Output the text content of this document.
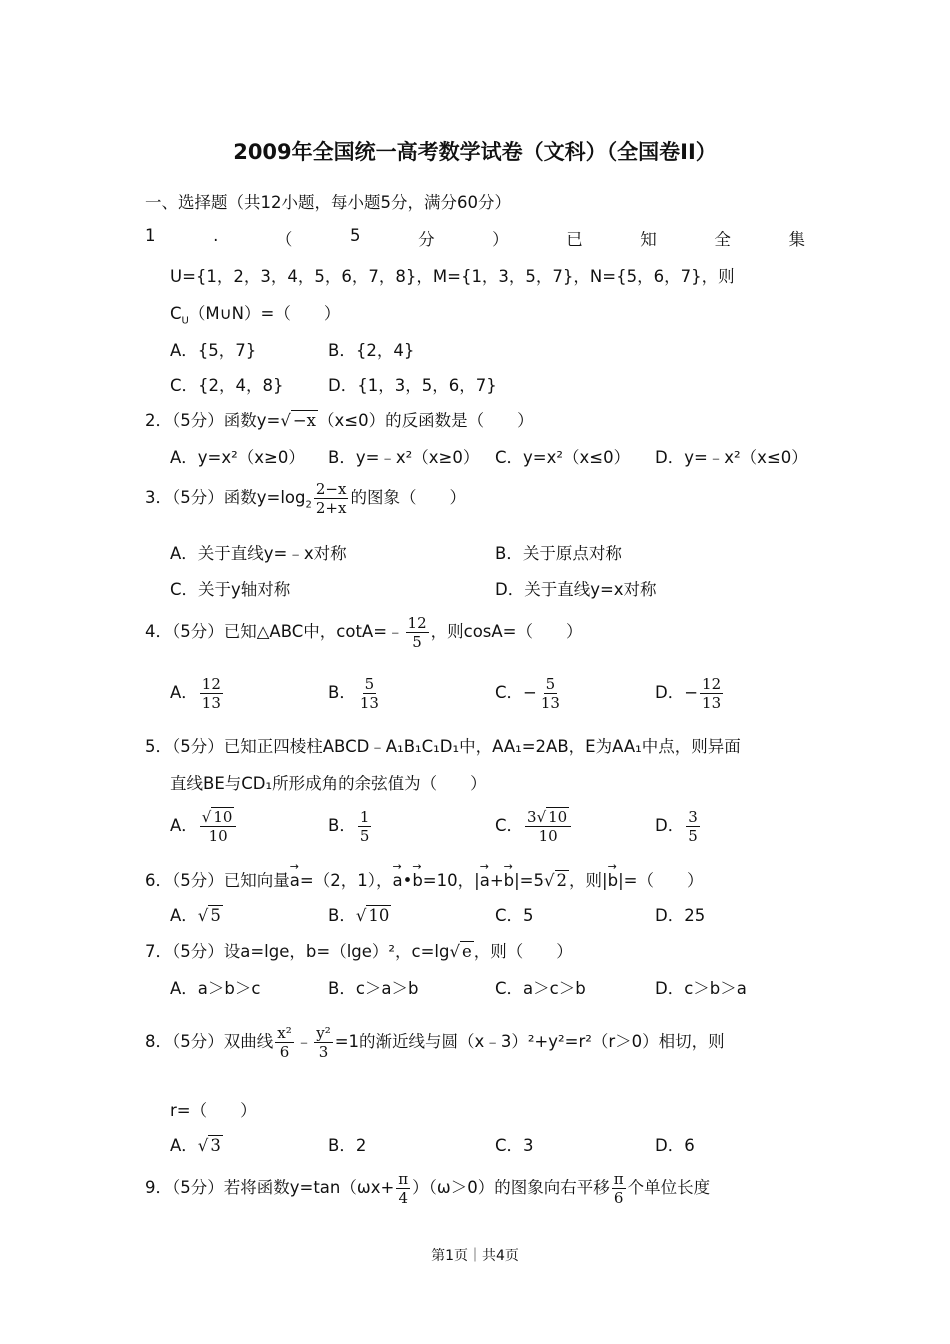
2009年全国统一高考数学试卷（文科）（全国卷II）
一、选择题（共12小题，每小题5分，满分60分）
1	.	（	5	分	）	已	知	全	集
U={1，2，3，4，5，6，7，8}，M={1，3，5，7}，N={5，6，7}，则
$C_U(M\cup N)=$（　　）
A．{5，7}	B．{2，4}
C．{2，4，8}	D．{1，3，5，6，7}
2．（5分）函数y=√ −x （x≤0）的反函数是（　　）
A．y=x²（x≥0） B．y=﹣x²（x≥0） C．y=x²（x≤0） D．y=﹣x²（x≤0）
3．（5分）函数$y=\log_2 \frac{2-x}{2+x}$ 的图象（　　）
A．关于直线y=﹣x对称	B．关于原点对称
C．关于y轴对称	D．关于直线y=x对称
4．（5分）已知△ABC中，cotA=﹣ $\frac{12}{5}$ ，则cosA=（　　）
A． $\frac{12}{13}$	B． $\frac{5}{13}$	C．− $\frac{5}{13}$	D．− $\frac{12}{13}$
5．（5分）已知正四棱柱ABCD﹣A₁B₁C₁D₁中，AA₁=2AB，E为AA₁中点，则异面
直线BE与CD₁所形成角的余弦值为（　　）
A． $\frac{√ 10}{10}$	B． $\frac{1}{5}$	C． $\frac{3√ 10}{10}$	D． $\frac{3}{5}$
6．（5分）已知向量→ a=（2，1），→ a•→ b=10，|→ a+→ b|=5√ 2 ，则|→ b|=（　　）
A．√ 5	B．√ 10	C．5	D．25
7．（5分）设a=lge，b=（lge）²，c=lg√ e ，则（　　）
A．a＞b＞c	B．c＞a＞b	C．a＞c＞b	D．c＞b＞a
8．（5分）双曲线 $\frac{\text{x²}}{6}$ ﹣ $\frac{\text{y²}}{3} =1$的渐近线与圆（x﹣3）²+y²=r²（r＞0）相切，则
r=（　　）
A．√ 3	B．2	C．3	D．6
9．（5分）若将函数$y=\tan(\omega x+ \frac{\pi}{4} )(\omega>0)$的图象向右平移 $\frac{\pi}{6}$ 个单位长度
第1页｜共4页
